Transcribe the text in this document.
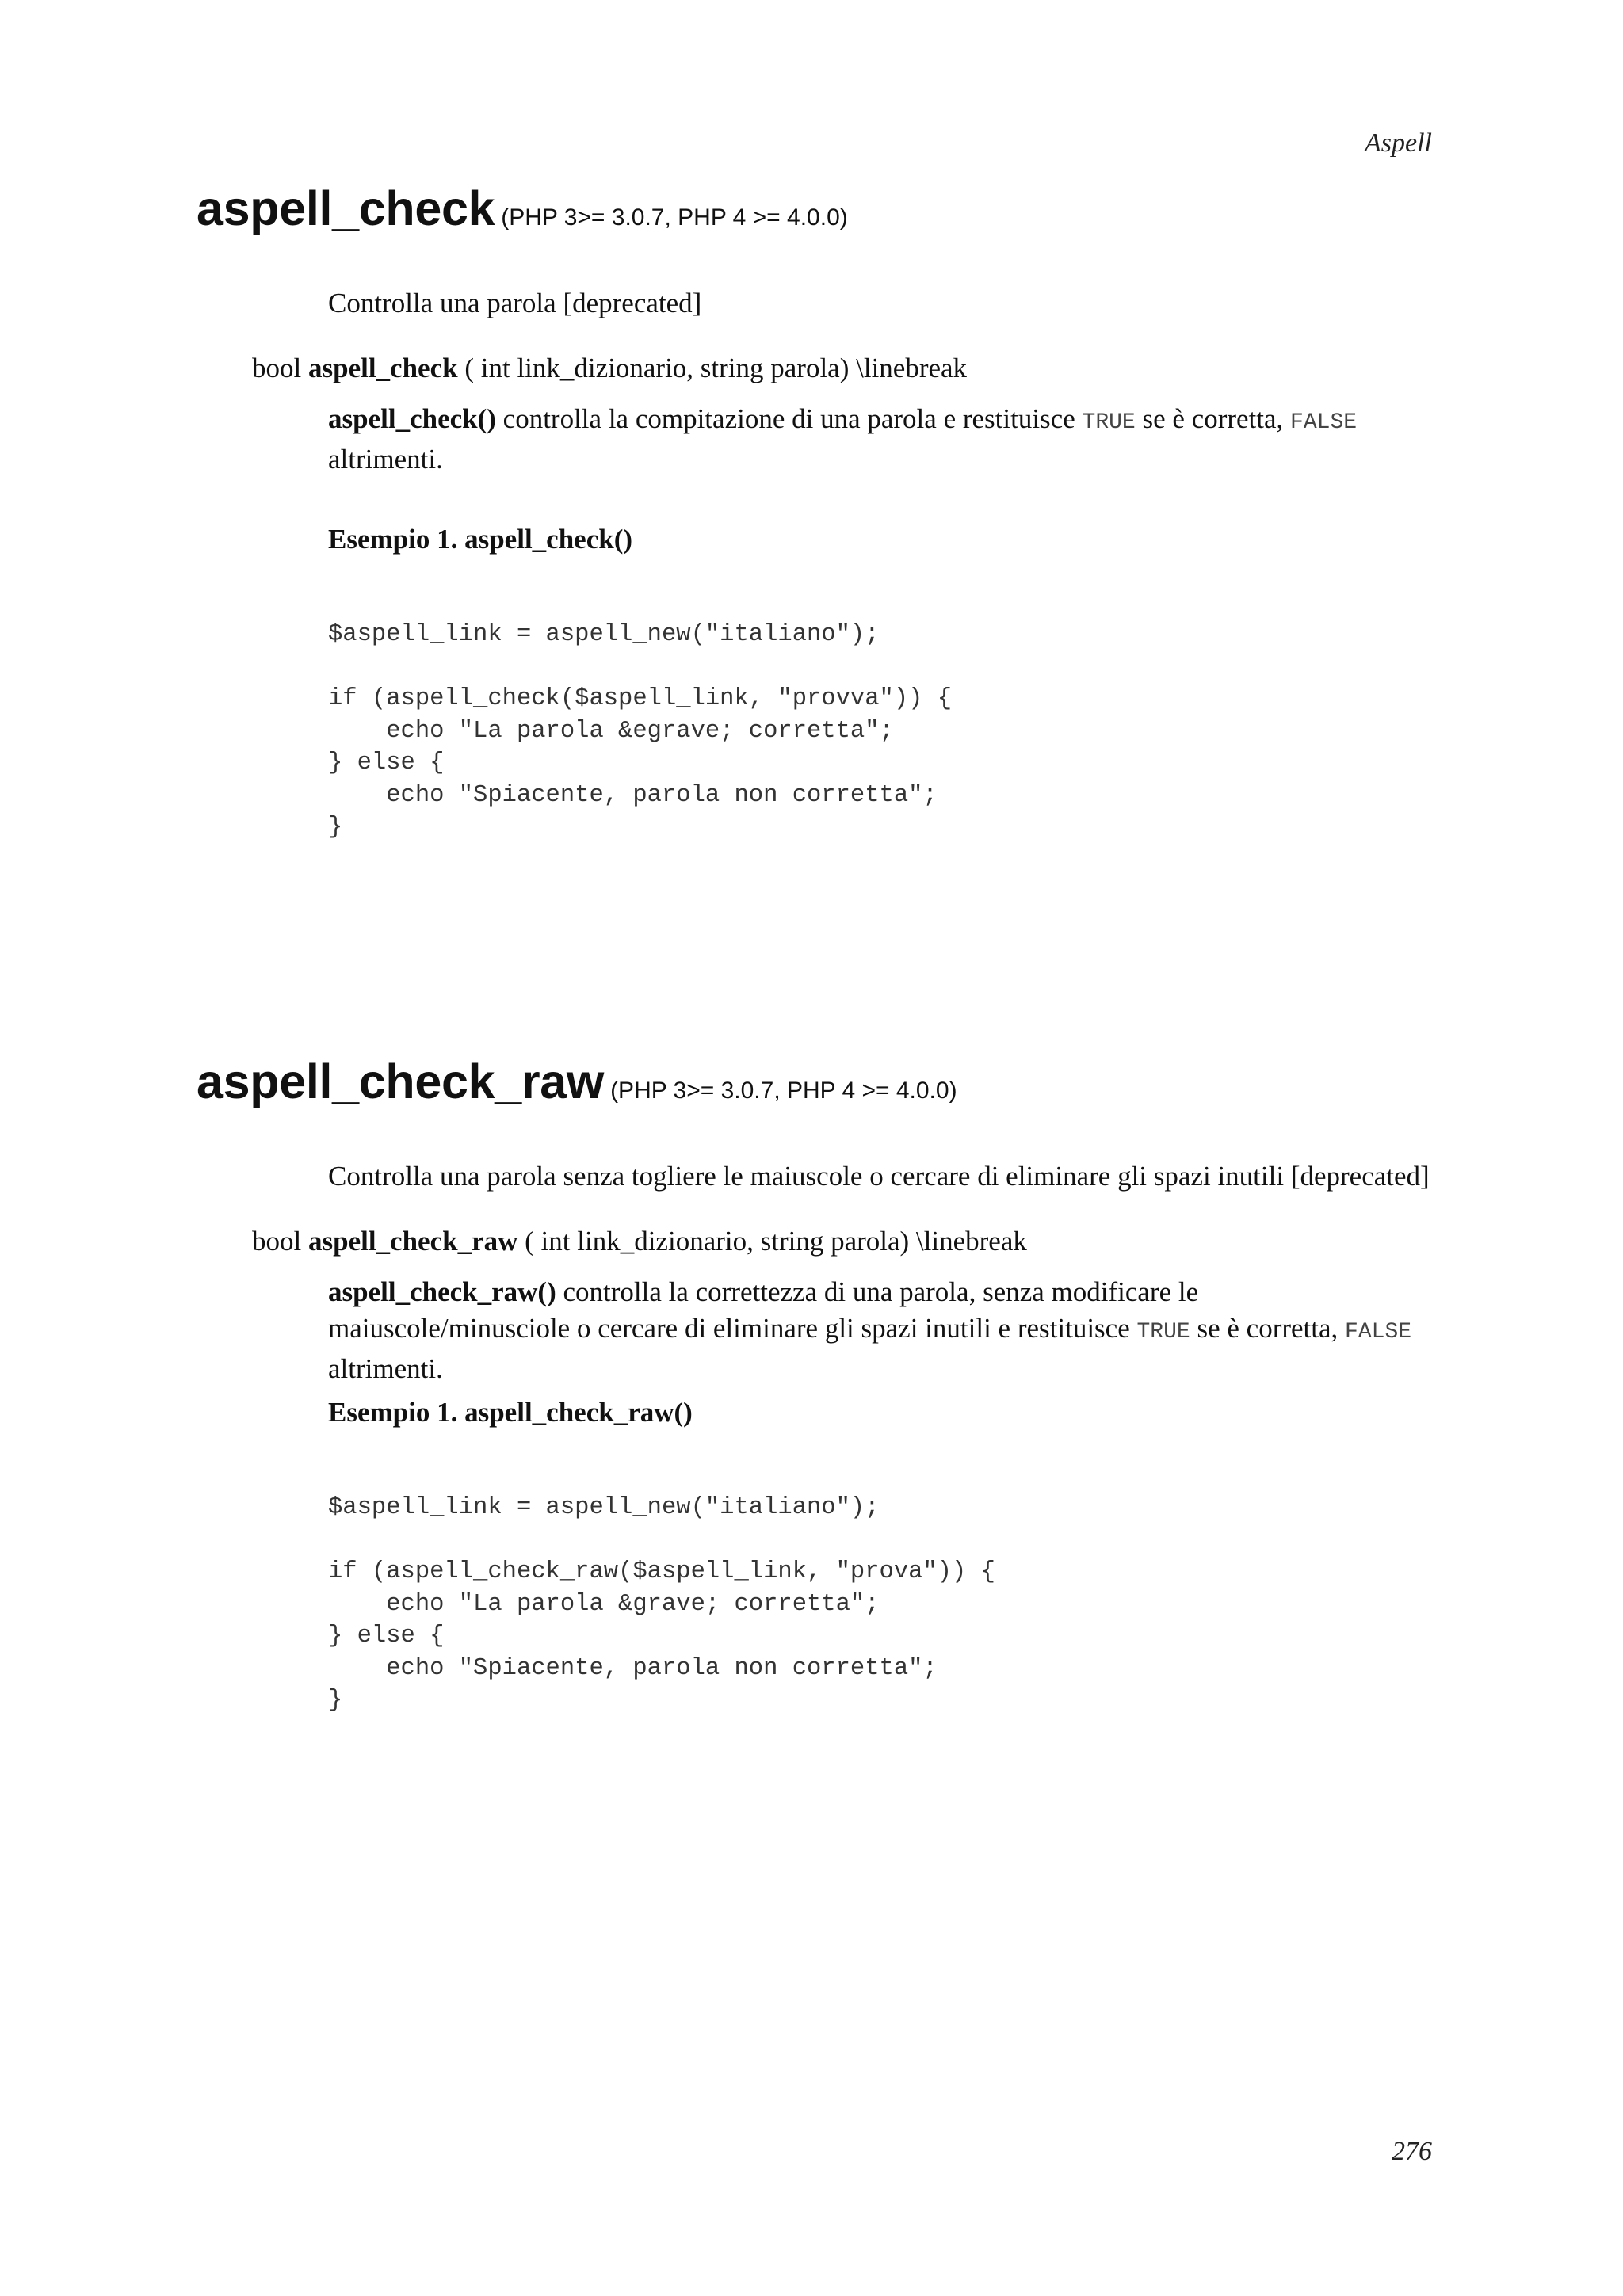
Aspell
aspell_check (PHP 3>= 3.0.7, PHP 4 >= 4.0.0)
Controlla una parola [deprecated]
bool aspell_check ( int link_dizionario, string parola) \linebreak
aspell_check() controlla la compitazione di una parola e restituisce TRUE se è corretta, FALSE
altrimenti.
Esempio 1. aspell_check()
$aspell_link = aspell_new("italiano");

if (aspell_check($aspell_link, "provva")) {
echo "La parola &egrave; corretta";
} else {
echo "Spiacente, parola non corretta";
}
aspell_check_raw (PHP 3>= 3.0.7, PHP 4 >= 4.0.0)
Controlla una parola senza togliere le maiuscole o cercare di eliminare gli spazi inutili [deprecated]
bool aspell_check_raw ( int link_dizionario, string parola) \linebreak
aspell_check_raw() controlla la correttezza di una parola, senza modificare le maiuscole/minusciole o cercare di eliminare gli spazi inutili e restituisce TRUE se è corretta, FALSE altrimenti.
Esempio 1. aspell_check_raw()
$aspell_link = aspell_new("italiano");

if (aspell_check_raw($aspell_link, "prova")) {
echo "La parola &grave; corretta";
} else {
echo "Spiacente, parola non corretta";
}
276
